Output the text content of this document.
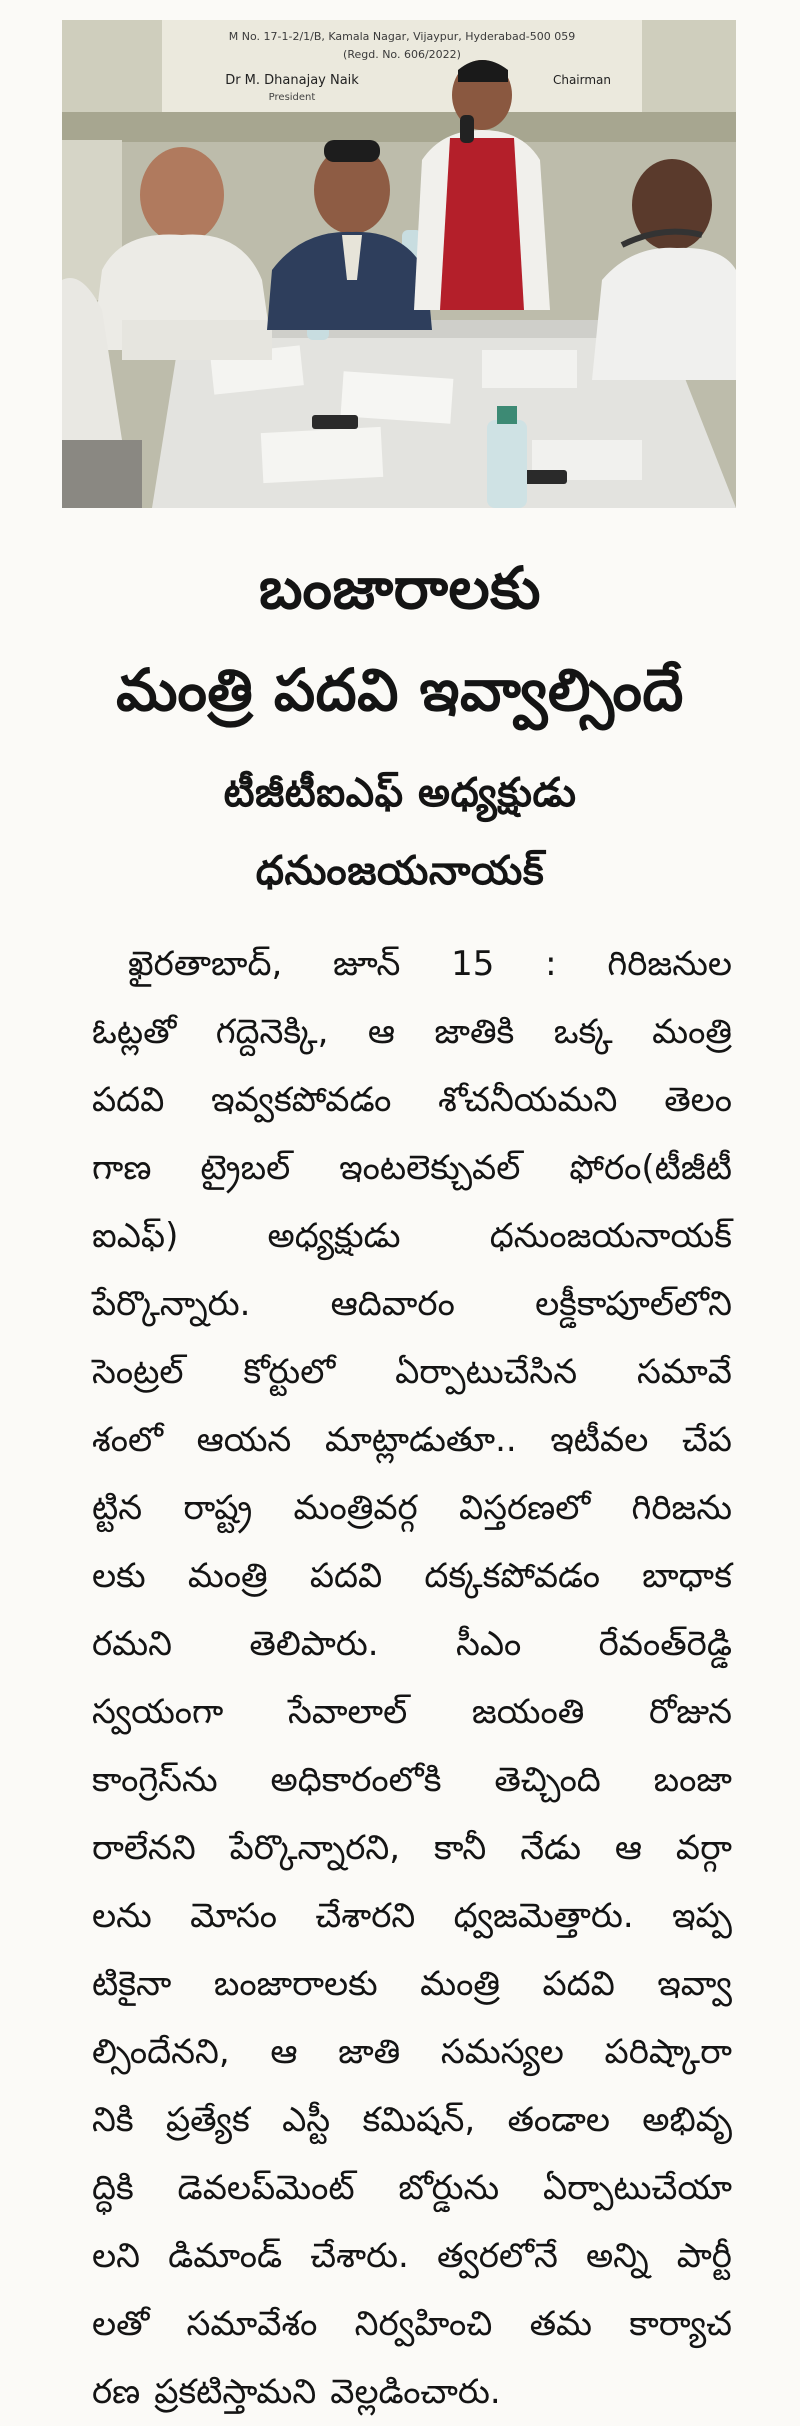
M No. 17-1-2/1/B, Kamala Nagar, Vijaypur, Hyderabad-500 059
(Regd. No. 606/2022)
Dr M. Dhanajay Naik
President
Chairman
బంజారాలకు
మంత్రి పదవి ఇవ్వాల్సిందే
టీజీటీఐఎఫ్ అధ్యక్షుడు
ధనుంజయనాయక్
ఖైరతాబాద్, జూన్ 15 : గిరిజనుల
ఓట్లతో గద్దెనెక్కి, ఆ జాతికి ఒక్క మంత్రి
పదవి ఇవ్వకపోవడం శోచనీయమని తెలం
గాణ ట్రైబల్ ఇంటలెక్చువల్ ఫోరం(టీజీటీ
ఐఎఫ్)	అధ్యక్షుడు	ధనుంజయనాయక్
పేర్కొన్నారు. ఆదివారం లక్డీకాపూల్‌లోని
సెంట్రల్ కోర్టులో ఏర్పాటుచేసిన సమావే
శంలో ఆయన మాట్లాడుతూ.. ఇటీవల చేప
ట్టిన రాష్ట్ర మంత్రివర్గ విస్తరణలో గిరిజను
లకు మంత్రి పదవి దక్కకపోవడం బాధాక
రమని తెలిపారు. సీఎం రేవంత్‌రెడ్డి
స్వయంగా సేవాలాల్ జయంతి రోజున
కాంగ్రెస్‌ను అధికారంలోకి తెచ్చింది బంజా
రాలేనని పేర్కొన్నారని, కానీ నేడు ఆ వర్గా
లను మోసం చేశారని ధ్వజమెత్తారు. ఇప్ప
టికైనా బంజారాలకు మంత్రి పదవి ఇవ్వా
ల్సిందేనని, ఆ జాతి సమస్యల పరిష్కారా
నికి ప్రత్యేక ఎస్టీ కమిషన్, తండాల అభివృ
ద్ధికి డెవలప్‌మెంట్ బోర్డును ఏర్పాటుచేయా
లని డిమాండ్ చేశారు. త్వరలోనే అన్ని పార్టీ
లతో సమావేశం నిర్వహించి తమ కార్యాచ
రణ ప్రకటిస్తామని వెల్లడించారు.
